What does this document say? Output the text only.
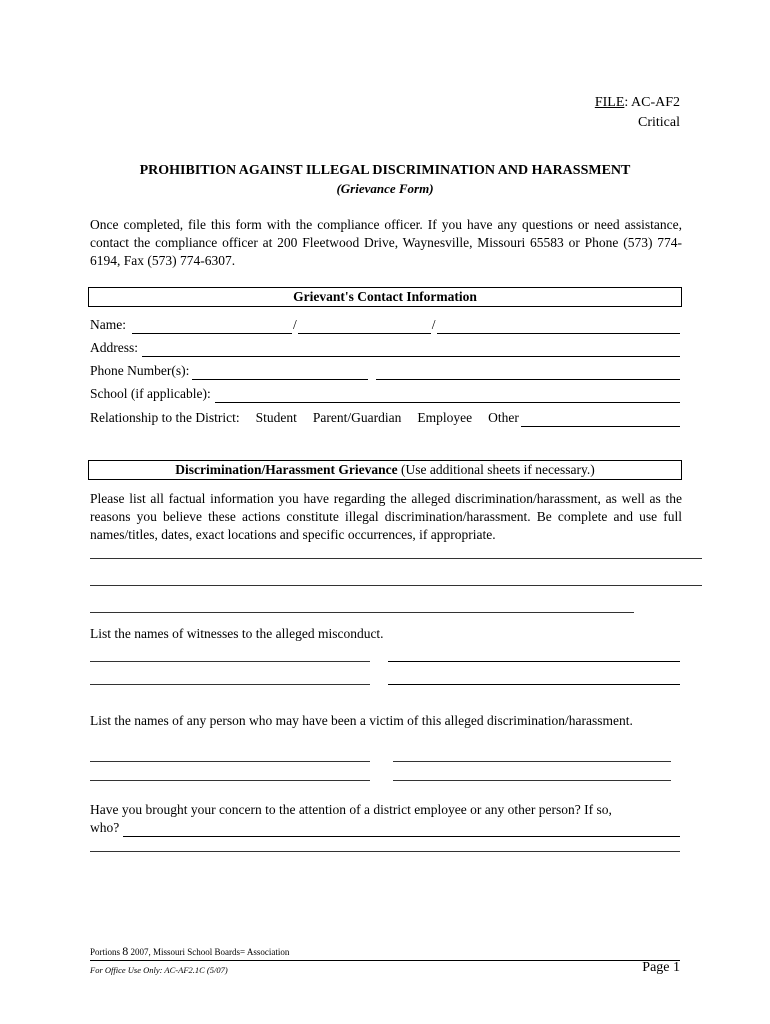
FILE: AC-AF2
Critical
PROHIBITION AGAINST ILLEGAL DISCRIMINATION AND HARASSMENT
(Grievance Form)
Once completed, file this form with the compliance officer. If you have any questions or need assistance, contact the compliance officer at 200 Fleetwood Drive, Waynesville, Missouri 65583 or Phone (573) 774-6194, Fax (573) 774-6307.
Grievant's Contact Information
Name:	/	/
Address:
Phone Number(s):
School (if applicable):
Relationship to the District: Student Parent/Guardian Employee Other
Discrimination/Harassment Grievance (Use additional sheets if necessary.)
Please list all factual information you have regarding the alleged discrimination/harassment, as well as the reasons you believe these actions constitute illegal discrimination/harassment. Be complete and use full names/titles, dates, exact locations and specific occurrences, if appropriate.
List the names of witnesses to the alleged misconduct.
List the names of any person who may have been a victim of this alleged discrimination/harassment.
Have you brought your concern to the attention of a district employee or any other person? If so,
who?
Portions 8 2007, Missouri School Boards= Association
For Office Use Only: AC-AF2.1C (5/07)	Page 1
